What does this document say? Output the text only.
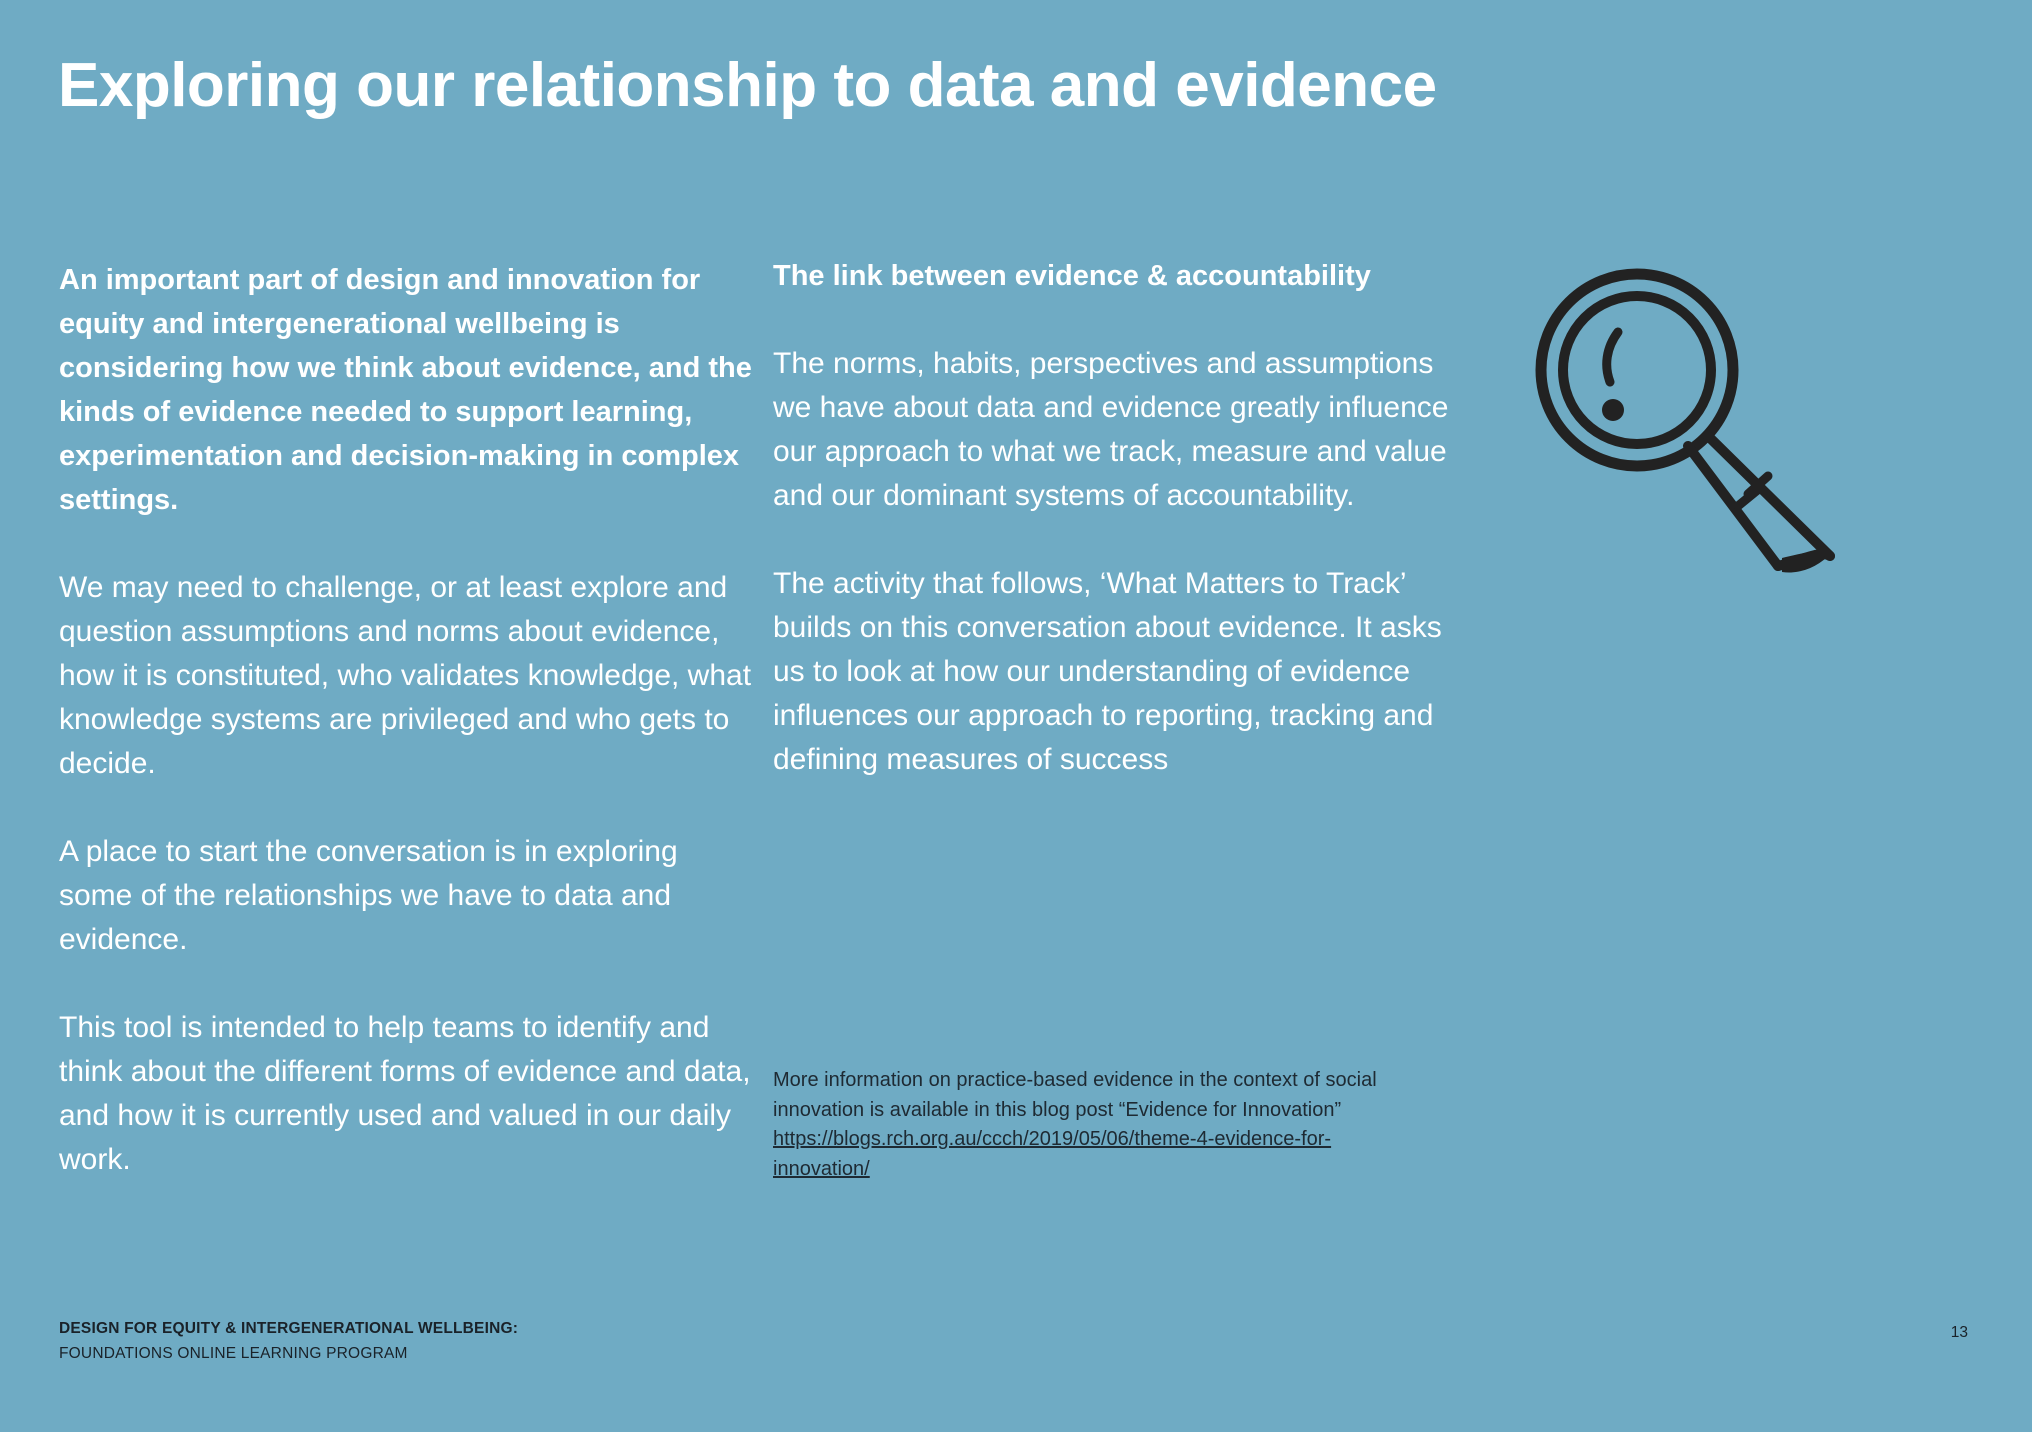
Exploring our relationship to data and evidence

An important part of design and innovation for equity and intergenerational wellbeing is considering how we think about evidence, and the kinds of evidence needed to support learning, experimentation and decision-making in complex settings.

We may need to challenge, or at least explore and question assumptions and norms about evidence, how it is constituted, who validates knowledge, what knowledge systems are privileged and who gets to decide.

A place to start the conversation is in exploring some of the relationships we have to data and evidence.

This tool is intended to help teams to identify and think about the different forms of evidence and data, and how it is currently used and valued in our daily work.

The link between evidence & accountability

The norms, habits, perspectives and assumptions we have about data and evidence greatly influence our approach to what we track, measure and value and our dominant systems of accountability.

The activity that follows, ‘What Matters to Track’ builds on this conversation about evidence. It asks us to look at how our understanding of evidence influences our approach to reporting, tracking and defining measures of success

More information on practice-based evidence in the context of social innovation is available in this blog post “Evidence for Innovation” https://blogs.rch.org.au/ccch/2019/05/06/theme-4-evidence-for-innovation/
DESIGN FOR EQUITY & INTERGENERATIONAL WELLBEING:
FOUNDATIONS ONLINE LEARNING PROGRAM
13
